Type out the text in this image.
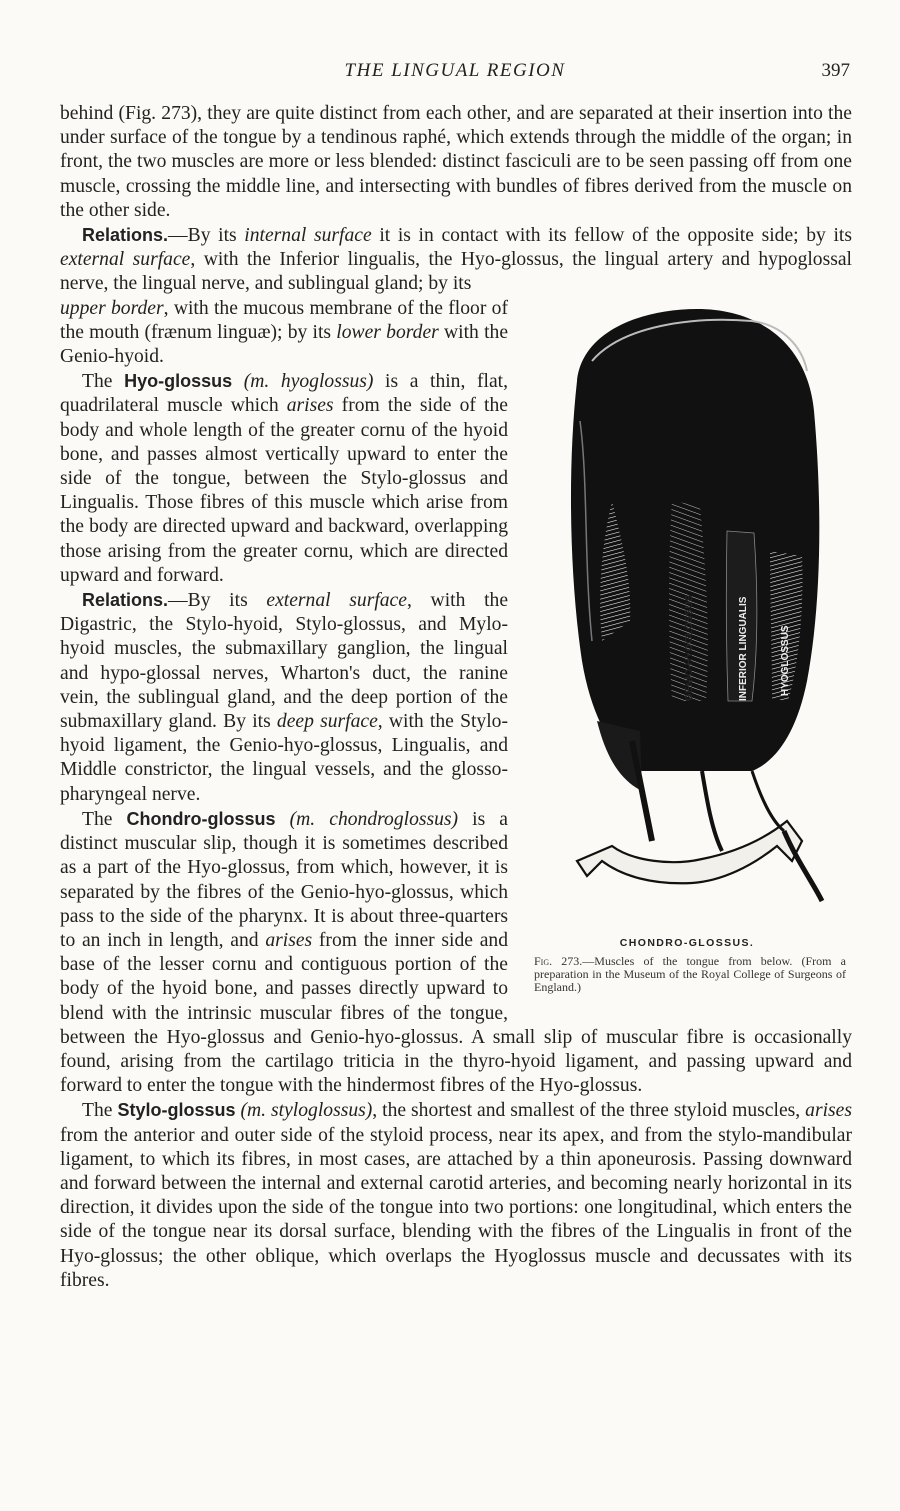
THE LINGUAL REGION	397

behind (Fig. 273), they are quite distinct from each other, and are separated at their insertion into the under surface of the tongue by a tendinous raphé, which extends through the middle of the organ; in front, the two muscles are more or less blended: distinct fasciculi are to be seen passing off from one muscle, crossing the middle line, and intersecting with bundles of fibres derived from the muscle on the other side.

Relations.—By its internal surface it is in contact with its fellow of the opposite side; by its external surface, with the Inferior lingualis, the Hyo-glossus, the lingual artery and hypoglossal nerve, the lingual nerve, and sublingual gland; by its

GENIO-HYOGLOSSUS	INFERIOR LINGUALIS	HYOGLOSSUS
CHONDRO-GLOSSUS.
Fig. 273.—Muscles of the tongue from below. (From a preparation in the Museum of the Royal College of Surgeons of England.)

upper border, with the mucous membrane of the floor of the mouth (frænum linguæ); by its lower border with the Genio-hyoid.

The Hyo-glossus (m. hyoglossus) is a thin, flat, quadrilateral muscle which arises from the side of the body and whole length of the greater cornu of the hyoid bone, and passes almost vertically upward to enter the side of the tongue, between the Stylo-glossus and Lingualis. Those fibres of this muscle which arise from the body are directed upward and backward, overlapping those arising from the greater cornu, which are directed upward and forward.

Relations.—By its external surface, with the Digastric, the Stylo-hyoid, Stylo-glossus, and Mylo-hyoid muscles, the submaxillary ganglion, the lingual and hypo-glossal nerves, Wharton's duct, the ranine vein, the sublingual gland, and the deep portion of the submaxillary gland. By its deep surface, with the Stylo-hyoid ligament, the Genio-hyo-glossus, Lingualis, and Middle constrictor, the lingual vessels, and the glosso-pharyngeal nerve.

The Chondro-glossus (m. chondroglossus) is a distinct muscular slip, though it is sometimes described as a part of the Hyo-glossus, from which, however, it is separated by the fibres of the Genio-hyo-glossus, which pass to the side of the pharynx. It is about three-quarters to an inch in length, and arises from the inner side and base of the lesser cornu and contiguous portion of the body of the hyoid bone, and passes directly upward to blend with the intrinsic muscular fibres of the tongue, between the Hyo-glossus and Genio-hyo-glossus. A small slip of muscular fibre is occasionally found, arising from the cartilago triticia in the thyro-hyoid ligament, and passing upward and forward to enter the tongue with the hindermost fibres of the Hyo-glossus.

The Stylo-glossus (m. styloglossus), the shortest and smallest of the three styloid muscles, arises from the anterior and outer side of the styloid process, near its apex, and from the stylo-mandibular ligament, to which its fibres, in most cases, are attached by a thin aponeurosis. Passing downward and forward between the internal and external carotid arteries, and becoming nearly horizontal in its direction, it divides upon the side of the tongue into two portions: one longitudinal, which enters the side of the tongue near its dorsal surface, blending with the fibres of the Lingualis in front of the Hyo-glossus; the other oblique, which overlaps the Hyoglossus muscle and decussates with its fibres.
